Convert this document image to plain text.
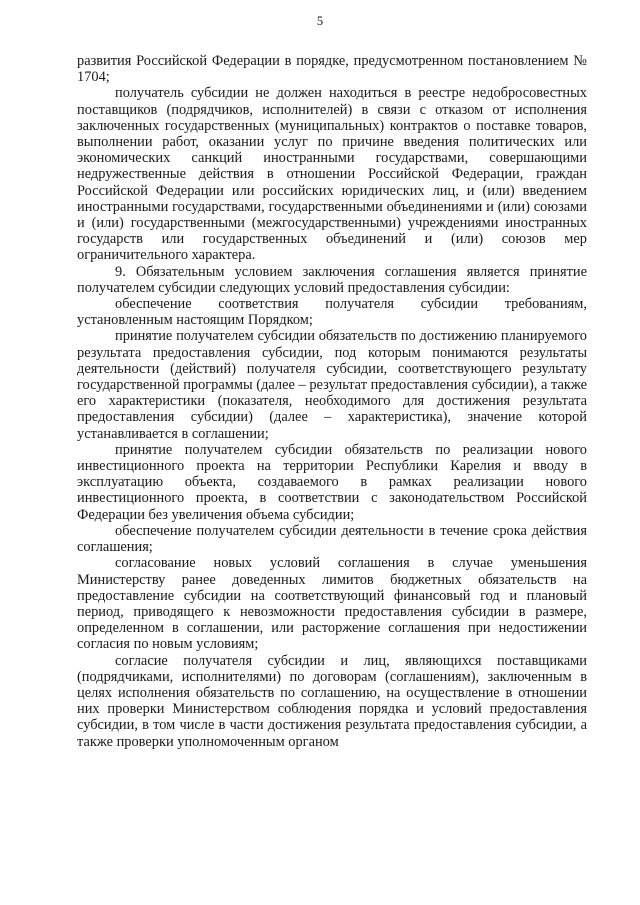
5

развития Российской Федерации в порядке, предусмотренном постановлением № 1704;

получатель субсидии не должен находиться в реестре недобросовестных поставщиков (подрядчиков, исполнителей) в связи с отказом от исполнения заключенных государственных (муниципальных) контрактов о поставке товаров, выполнении работ, оказании услуг по причине введения политических или экономических санкций иностранными государствами, совершающими недружественные действия в отношении Российской Федерации, граждан Российской Федерации или российских юридических лиц, и (или) введением иностранными государствами, государственными объединениями и (или) союзами и (или) государственными (межгосударственными) учреждениями иностранных государств или государственных объединений и (или) союзов мер ограничительного характера.

9. Обязательным условием заключения соглашения является принятие получателем субсидии следующих условий предоставления субсидии:

обеспечение соответствия получателя субсидии требованиям, установленным настоящим Порядком;

принятие получателем субсидии обязательств по достижению планируемого результата предоставления субсидии, под которым понимаются результаты деятельности (действий) получателя субсидии, соответствующего результату государственной программы (далее – результат предоставления субсидии), а также его характеристики (показателя, необходимого для достижения результата предоставления субсидии) (далее – характеристика), значение которой устанавливается в соглашении;

принятие получателем субсидии обязательств по реализации нового инвестиционного проекта на территории Республики Карелия и вводу в эксплуатацию объекта, создаваемого в рамках реализации нового инвестиционного проекта, в соответствии с законодательством Российской Федерации без увеличения объема субсидии;

обеспечение получателем субсидии деятельности в течение срока действия соглашения;

согласование новых условий соглашения в случае уменьшения Министерству ранее доведенных лимитов бюджетных обязательств на предоставление субсидии на соответствующий финансовый год и плановый период, приводящего к невозможности предоставления субсидии в размере, определенном в соглашении, или расторжение соглашения при недостижении согласия по новым условиям;

согласие получателя субсидии и лиц, являющихся поставщиками (подрядчиками, исполнителями) по договорам (соглашениям), заключенным в целях исполнения обязательств по соглашению, на осуществление в отношении них проверки Министерством соблюдения порядка и условий предоставления субсидии, в том числе в части достижения результата предоставления субсидии, а также проверки уполномоченным органом
